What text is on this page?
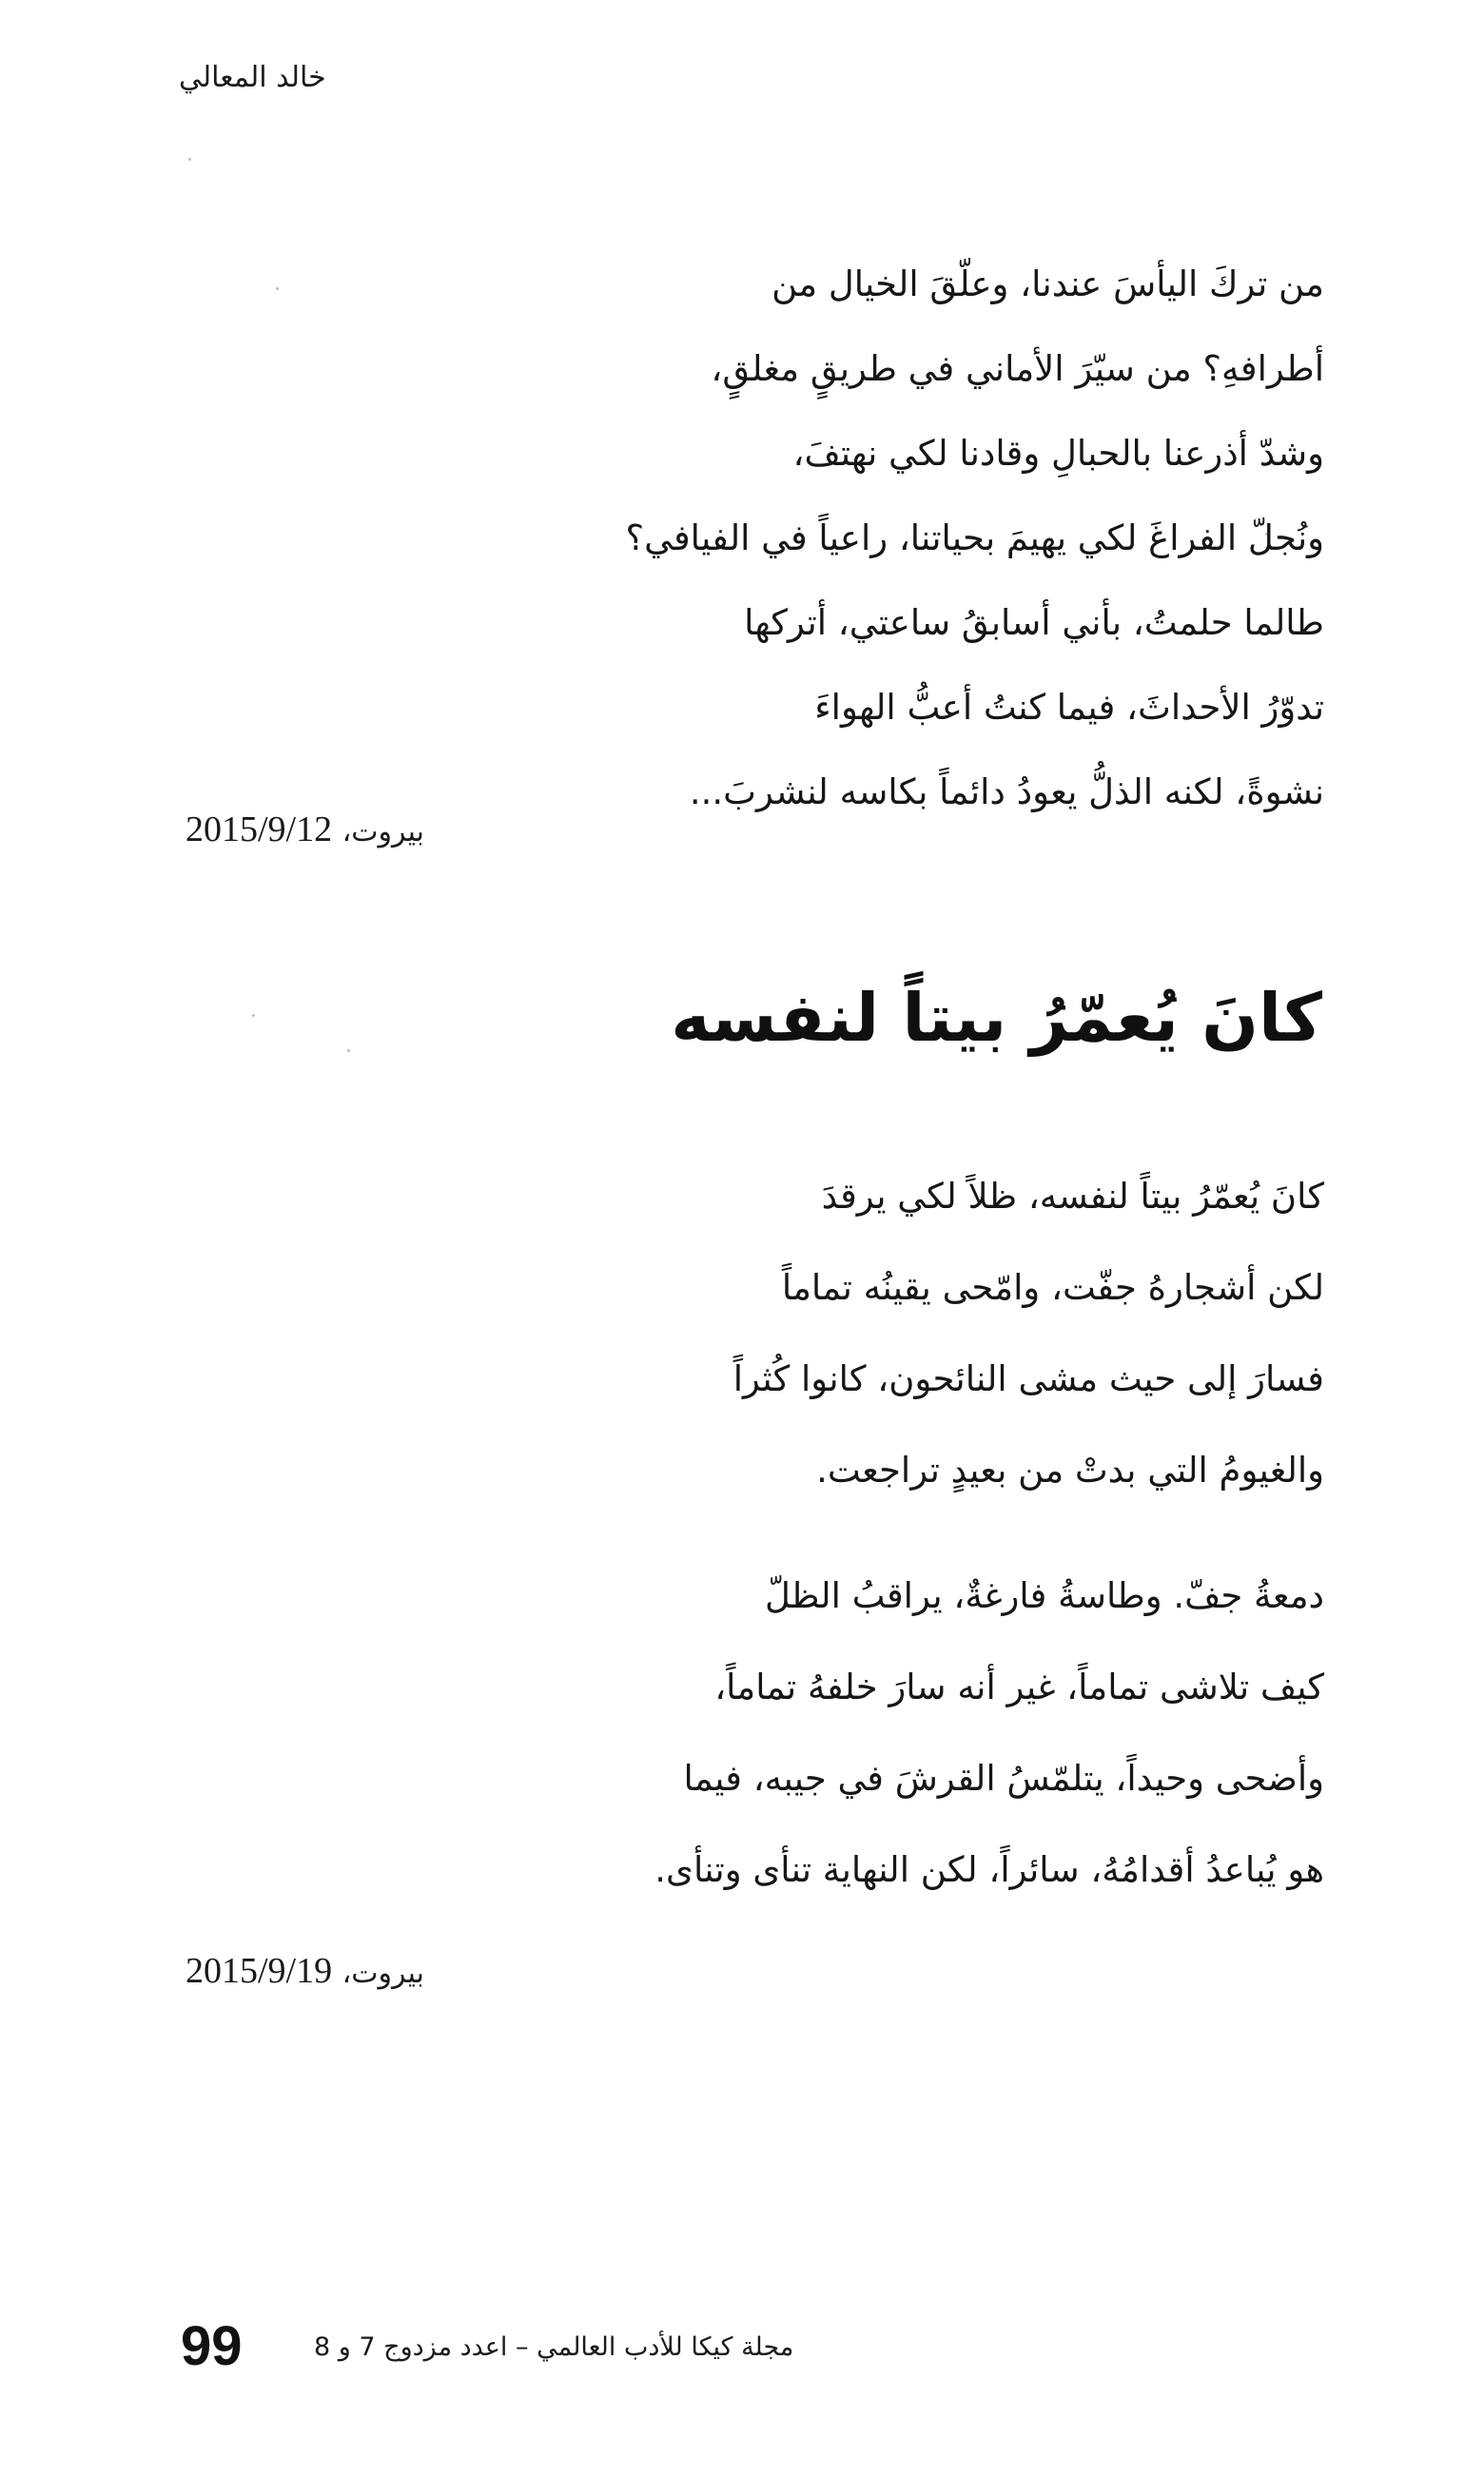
خالد المعالي
من تركَ اليأسَ عندنا، وعلّقَ الخيال من
أطرافهِ؟ من سيّرَ الأماني في طريقٍ مغلقٍ،
وشدّ أذرعنا بالحبالِ وقادنا لكي نهتفَ،
ونُجلّ الفراغَ لكي يهيمَ بحياتنا، راعياً في الفيافي؟
طالما حلمتُ، بأني أسابقُ ساعتي، أتركها
تدوّرُ الأحداثَ، فيما كنتُ أعبُّ الهواءَ
نشوةً، لكنه الذلُّ يعودُ دائماً بكاسه لنشربَ...
بيروت، 2015/9/12
كانَ يُعمّرُ بيتاً لنفسه
كانَ يُعمّرُ بيتاً لنفسه، ظلاً لكي يرقدَ
لكن أشجارهُ جفّت، وامّحى يقينُه تماماً
فسارَ إلى حيث مشى النائحون، كانوا كُثراً
والغيومُ التي بدتْ من بعيدٍ تراجعت.
دمعةُ جفّ. وطاسةُ فارغةٌ، يراقبُ الظلّ
كيف تلاشى تماماً، غير أنه سارَ خلفهُ تماماً،
وأضحى وحيداً، يتلمّسُ القرشَ في جيبه، فيما
هو يُباعدُ أقدامُهُ، سائراً، لكن النهاية تنأى وتنأى.
بيروت، 2015/9/19
99	مجلة كيكا للأدب العالمي – اعدد مزدوج 7 و 8
